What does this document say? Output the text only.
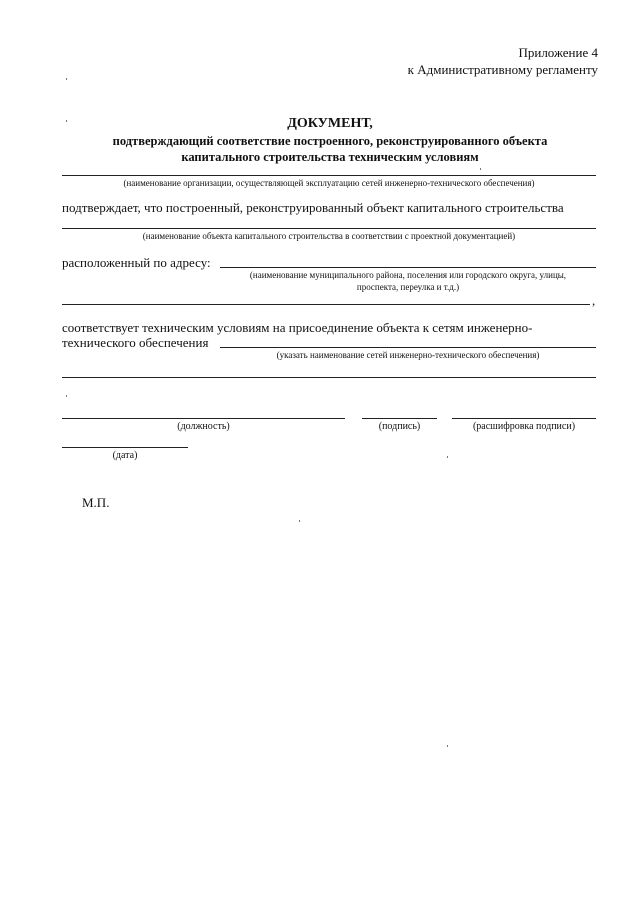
Приложение 4
к Административному регламенту
ДОКУМЕНТ,
подтверждающий соответствие построенного, реконструированного объекта
капитального строительства техническим условиям
(наименование организации, осуществляющей эксплуатацию сетей инженерно-технического обеспечения)
подтверждает, что построенный, реконструированный объект капитального строительства
(наименование объекта капитального строительства в соответствии с проектной документацией)
расположенный по адресу:
(наименование муниципального района, поселения или городского округа, улицы,
проспекта, переулка и т.д.)
,
соответствует техническим условиям на присоединение объекта к сетям инженерно-
технического обеспечения
(указать наименование сетей инженерно-технического обеспечения)
(должность)	(подпись)	(расшифровка подписи)
(дата)
М.П.
